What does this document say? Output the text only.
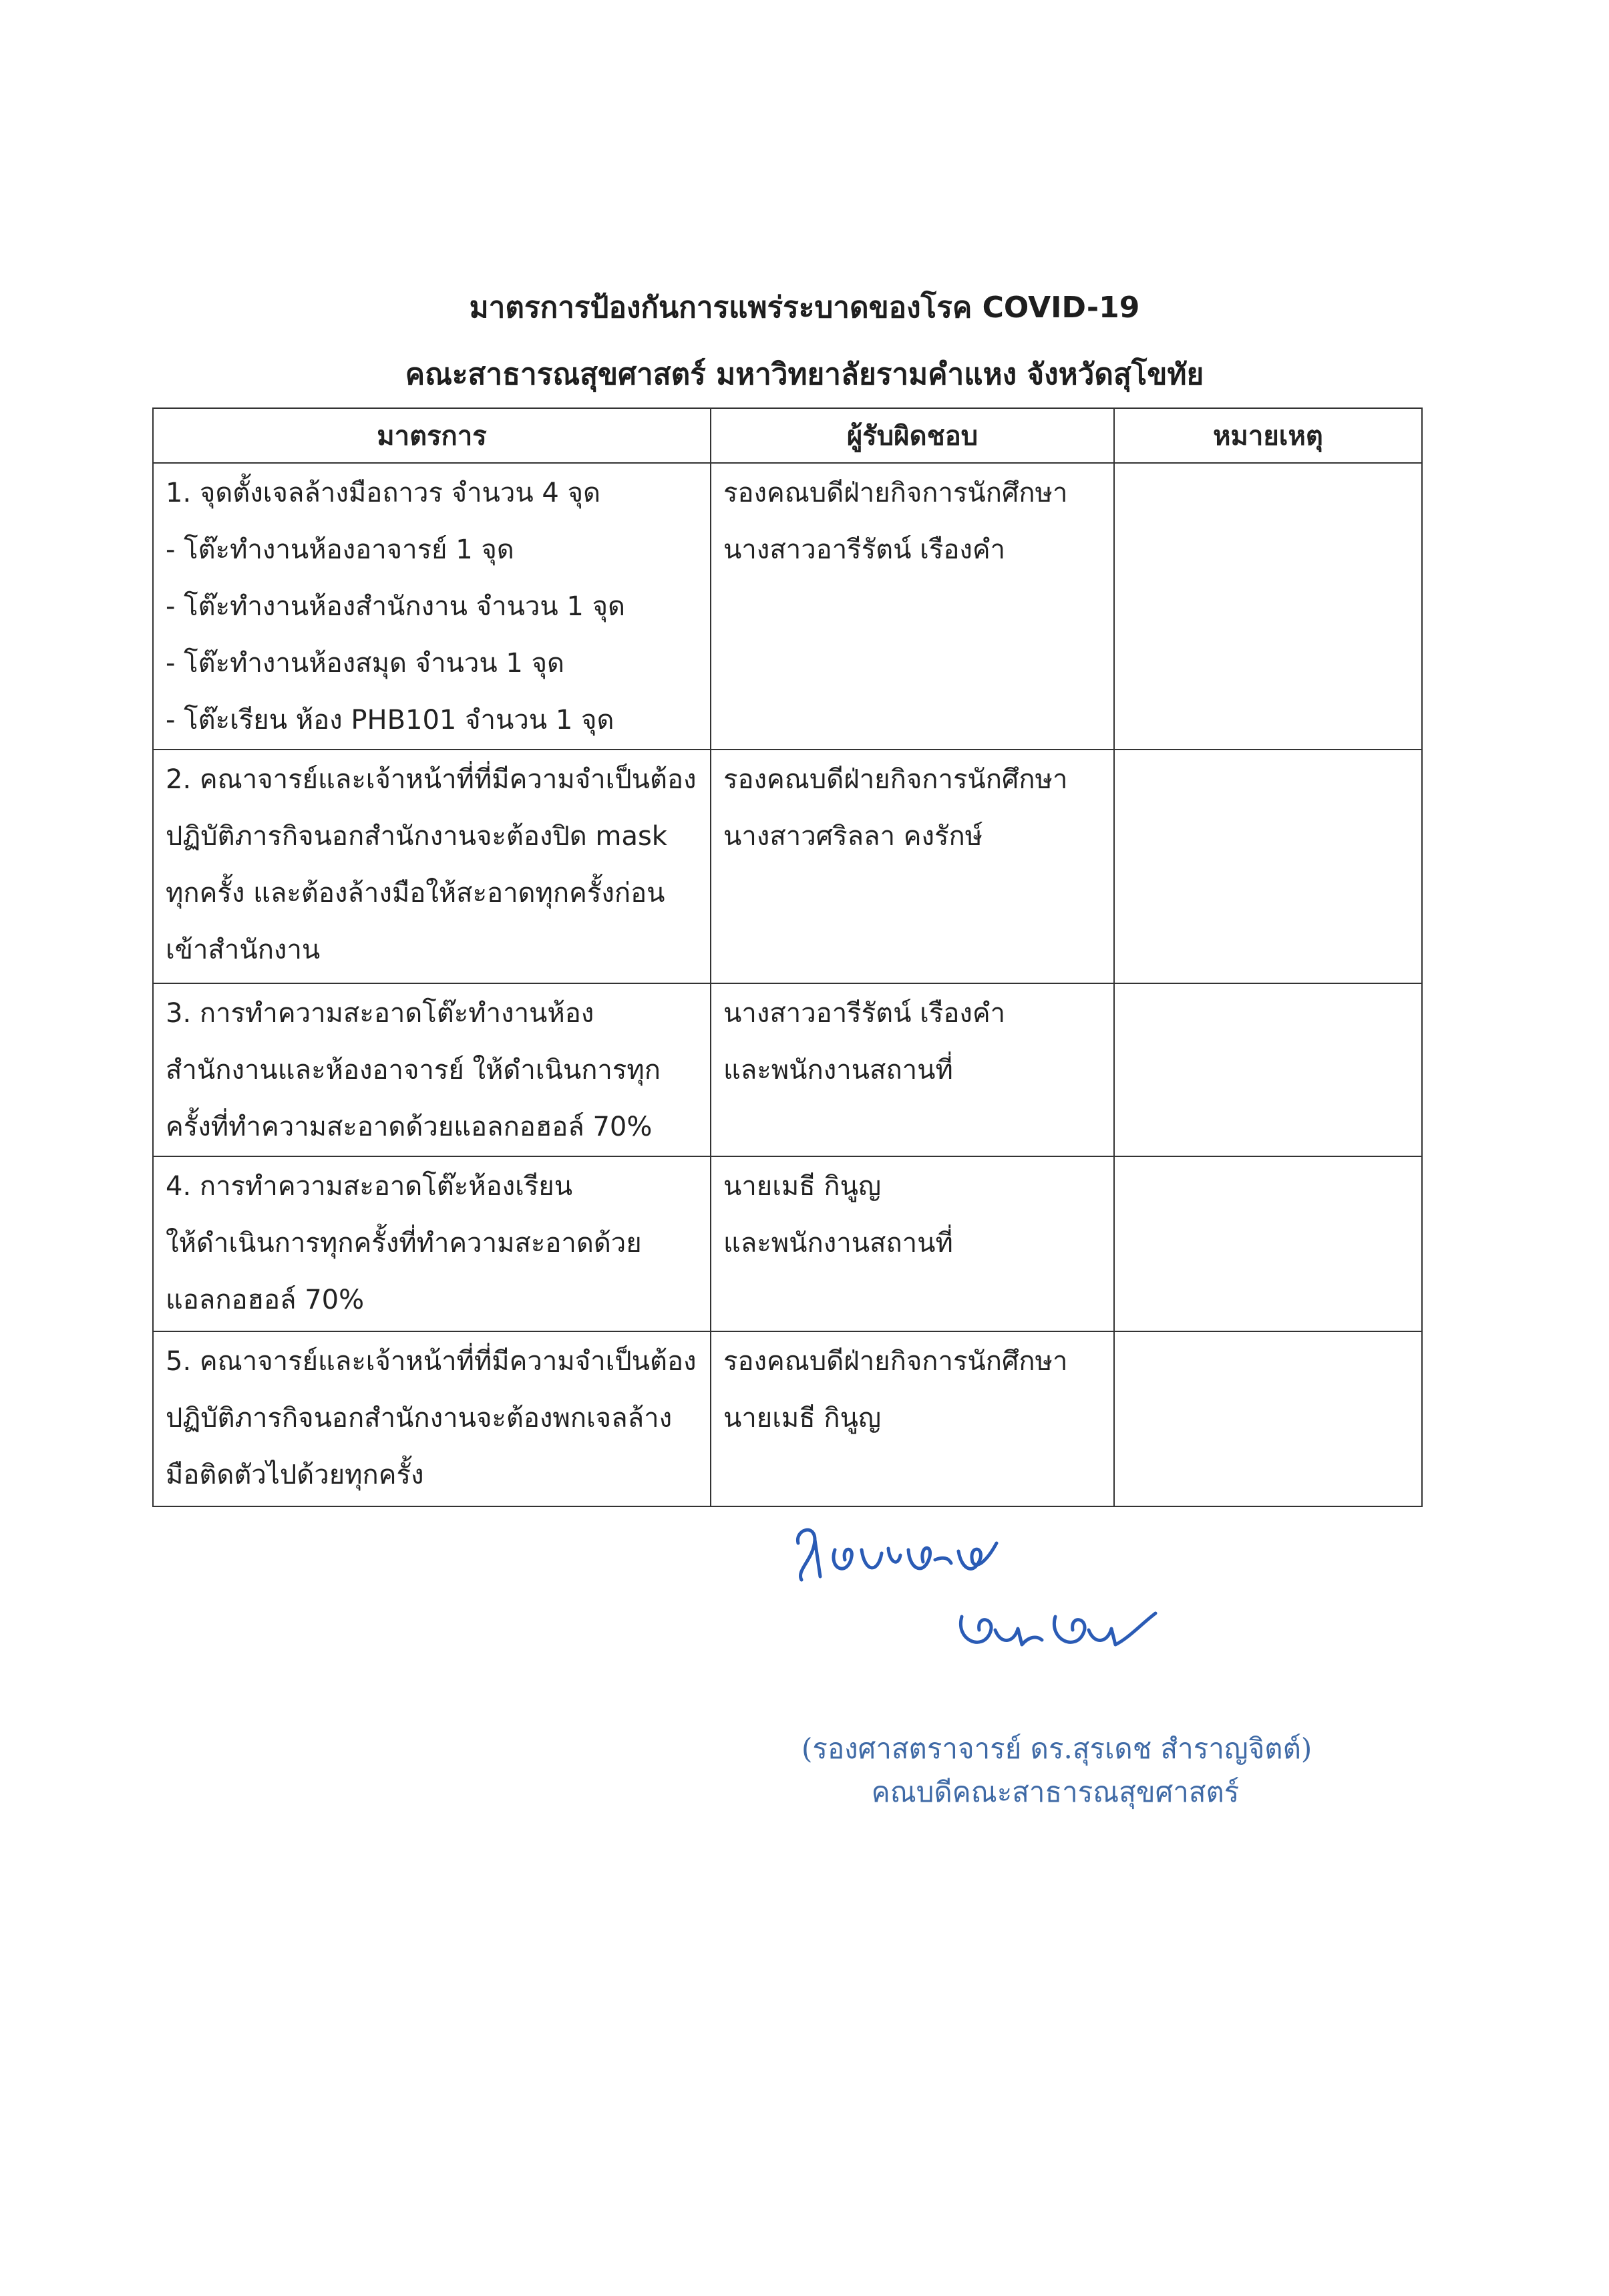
มาตรการป้องกันการแพร่ระบาดของโรค COVID-19
คณะสาธารณสุขศาสตร์ มหาวิทยาลัยรามคำแหง จังหวัดสุโขทัย
มาตรการ	ผู้รับผิดชอบ	หมายเหตุ

1. จุดตั้งเจลล้างมือถาวร จำนวน 4 จุด
- โต๊ะทำงานห้องอาจารย์ 1 จุด
- โต๊ะทำงานห้องสำนักงาน จำนวน 1 จุด
- โต๊ะทำงานห้องสมุด จำนวน 1 จุด
- โต๊ะเรียน ห้อง PHB101 จำนวน 1 จุด	รองคณบดีฝ่ายกิจการนักศึกษา
นางสาวอารีรัตน์ เรืองคำ	

2. คณาจารย์และเจ้าหน้าที่ที่มีความจำเป็นต้อง
ปฏิบัติภารกิจนอกสำนักงานจะต้องปิด mask
ทุกครั้ง และต้องล้างมือให้สะอาดทุกครั้งก่อน
เข้าสำนักงาน	รองคณบดีฝ่ายกิจการนักศึกษา
นางสาวศริลลา คงรักษ์	

3. การทำความสะอาดโต๊ะทำงานห้อง
สำนักงานและห้องอาจารย์ ให้ดำเนินการทุก
ครั้งที่ทำความสะอาดด้วยแอลกอฮอล์ 70%	นางสาวอารีรัตน์ เรืองคำ
และพนักงานสถานที่	

4. การทำความสะอาดโต๊ะห้องเรียน
ให้ดำเนินการทุกครั้งที่ทำความสะอาดด้วย
แอลกอฮอล์ 70%	นายเมธี กินูญ
และพนักงานสถานที่	

5. คณาจารย์และเจ้าหน้าที่ที่มีความจำเป็นต้อง
ปฏิบัติภารกิจนอกสำนักงานจะต้องพกเจลล้าง
มือติดตัวไปด้วยทุกครั้ง	รองคณบดีฝ่ายกิจการนักศึกษา
นายเมธี กินูญ	

(รองศาสตราจารย์ ดร.สุรเดช สำราญจิตต์)
คณบดีคณะสาธารณสุขศาสตร์
